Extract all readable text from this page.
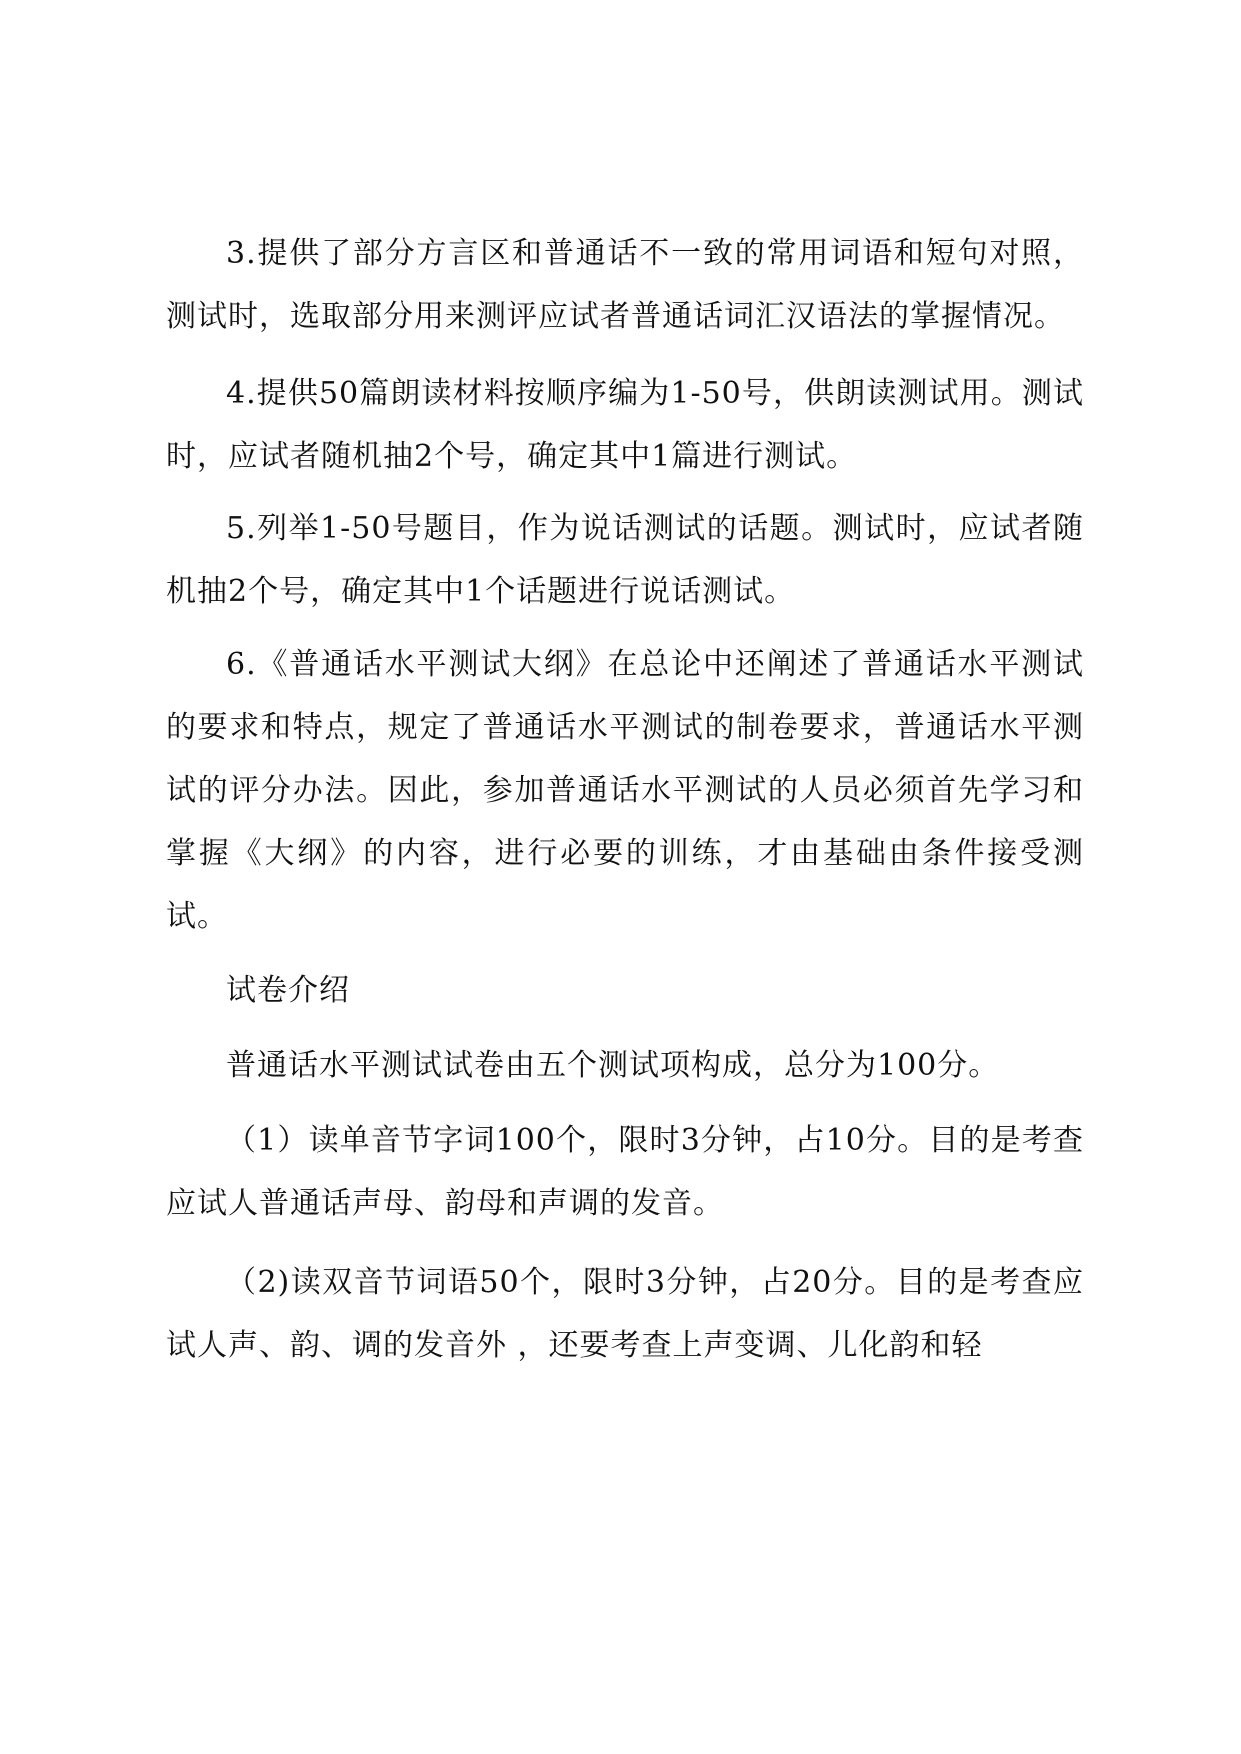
3.提供了部分方言区和普通话不一致的常用词语和短句对照，测试时，选取部分用来测评应试者普通话词汇汉语法的掌握情况。

4.提供50篇朗读材料按顺序编为1-50号，供朗读测试用。测试时，应试者随机抽2个号，确定其中1篇进行测试。

5.列举1-50号题目，作为说话测试的话题。测试时，应试者随机抽2个号，确定其中1个话题进行说话测试。

6.《普通话水平测试大纲》在总论中还阐述了普通话水平测试的要求和特点，规定了普通话水平测试的制卷要求，普通话水平测试的评分办法。因此，参加普通话水平测试的人员必须首先学习和掌握《大纲》的内容，进行必要的训练，才由基础由条件接受测试。

试卷介绍

普通话水平测试试卷由五个测试项构成，总分为100分。

（1）读单音节字词100个，限时3分钟，占10分。目的是考查应试人普通话声母、韵母和声调的发音。

（2)读双音节词语50个，限时3分钟，占20分。目的是考查应试人声、韵、调的发音外 ，还要考查上声变调、儿化韵和轻
